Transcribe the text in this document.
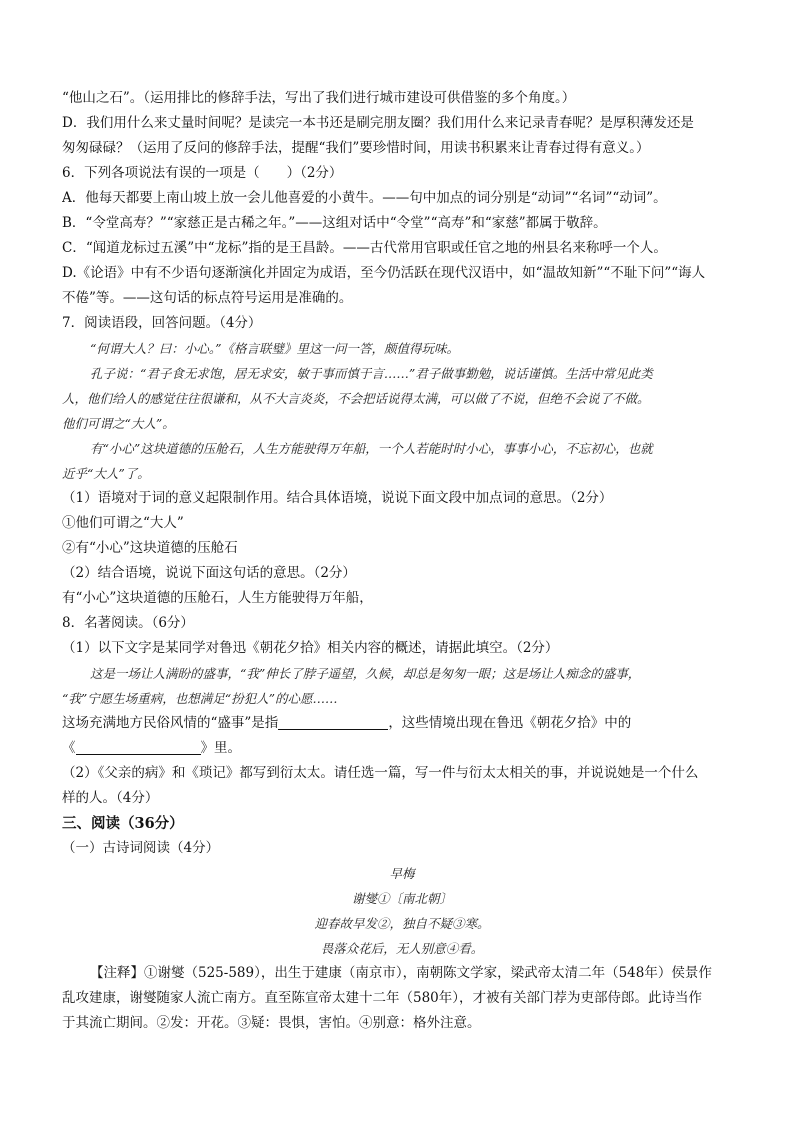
“他山之石”。（运用排比的修辞手法，写出了我们进行城市建设可供借鉴的多个角度。）
D．我们用什么来丈量时间呢？是读完一本书还是刷完朋友圈？我们用什么来记录青春呢？是厚积薄发还是
匆匆碌碌？（运用了反问的修辞手法，提醒“我们”要珍惜时间，用读书积累来让青春过得有意义。）
6．下列各项说法有误的一项是（　　）（2分）
A．他每天都要上南山坡上放一会儿他喜爱的小黄牛。——句中加点的词分别是“动词”“名词”“动词”。
B．“令堂高寿？”“家慈正是古稀之年。”——这组对话中“令堂”“高寿”和“家慈”都属于敬辞。
C．“闻道龙标过五溪”中“龙标”指的是王昌龄。——古代常用官职或任官之地的州县名来称呼一个人。
D.《论语》中有不少语句逐渐演化并固定为成语，至今仍活跃在现代汉语中，如“温故知新”“不耻下问”“诲人
不倦”等。——这句话的标点符号运用是准确的。
7．阅读语段，回答问题。（4分）
“何谓大人？曰：小心。”《格言联璧》里这一问一答，颇值得玩味。
孔子说：“君子食无求饱，居无求安，敏于事而慎于言……”君子做事勤勉，说话谨慎。生活中常见此类
人，他们给人的感觉往往很谦和，从不大言炎炎，不会把话说得太满，可以做了不说，但绝不会说了不做。
他们可谓之“大人”。
有“小心”这块道德的压舱石，人生方能驶得万年船，一个人若能时时小心，事事小心，不忘初心，也就
近乎“大人”了。
（1）语境对于词的意义起限制作用。结合具体语境，说说下面文段中加点词的意思。（2分）
①他们可谓之“大人”
②有“小心”这块道德的压舱石
（2）结合语境，说说下面这句话的意思。（2分）
有“小心”这块道德的压舱石，人生方能驶得万年船，
8．名著阅读。（6分）
（1）以下文字是某同学对鲁迅《朝花夕拾》相关内容的概述，请据此填空。（2分）
这是一场让人满盼的盛事，“我”伸长了脖子遥望，久候，却总是匆匆一眼；这是场让人痴念的盛事，
“我”宁愿生场重病，也想满足“扮犯人”的心愿……
这场充满地方民俗风情的“盛事”是指	，这些情境出现在鲁迅《朝花夕拾》中的
《	》里。
（2）《父亲的病》和《琐记》都写到衍太太。请任选一篇，写一件与衍太太相关的事，并说说她是一个什么
样的人。（4分）
三、阅读（36分）
（一）古诗词阅读（4分）
早梅
谢燮①〔南北朝〕
迎春故早发②，独自不疑③寒。
畏落众花后，无人别意④看。
【注释】①谢燮（525-589），出生于建康（南京市），南朝陈文学家，梁武帝太清二年（548年）侯景作
乱攻建康，谢燮随家人流亡南方。直至陈宣帝太建十二年（580年），才被有关部门荐为吏部侍郎。此诗当作
于其流亡期间。②发：开花。③疑：畏惧，害怕。④别意：格外注意。
